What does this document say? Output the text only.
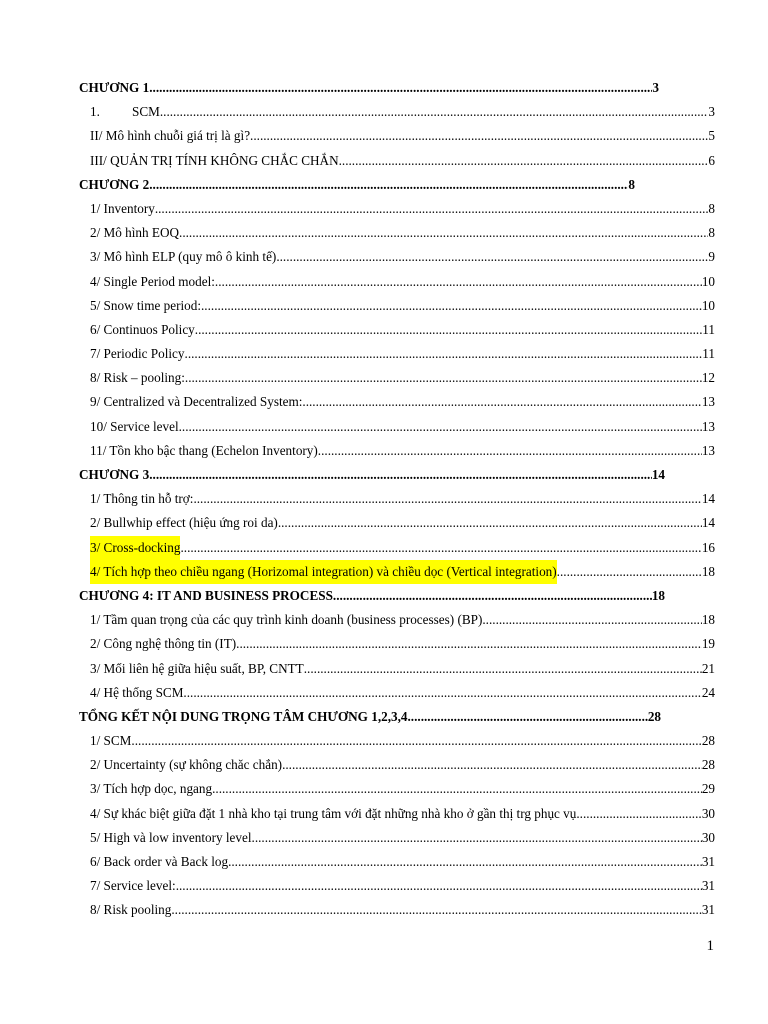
CHƯƠNG 1 .....	3
1. SCM .....	3
II/ Mô hình chuỗi giá trị là gì? .....	5
III/ QUẢN TRỊ TÍNH KHÔNG CHẮC CHẮN .....	6
CHƯƠNG 2 .....	8
1/ Inventory .....	8
2/ Mô hình EOQ .....	8
3/ Mô hình ELP (quy mô ô kinh tế) .....	9
4/ Single Period model: .....	10
5/ Snow time period: .....	10
6/ Continuos Policy .....	11
7/ Periodic Policy .....	11
8/ Risk – pooling: .....	12
9/ Centralized và Decentralized System: .....	13
10/ Service level .....	13
11/ Tồn kho bậc thang (Echelon Inventory) .....	13
CHƯƠNG 3 .....	14
1/ Thông tin hỗ trợ: .....	14
2/ Bullwhip effect (hiệu ứng roi da) .....	14
3/ Cross-docking .....	16
4/ Tích hợp theo chiều ngang (Horizomal integration) và chiều dọc (Vertical integration) .....	18
CHƯƠNG 4: IT AND BUSINESS PROCESS .....	18
1/ Tầm quan trọng của các quy trình kinh doanh (business processes) (BP) .....	18
2/ Công nghệ thông tin (IT) .....	19
3/ Mối liên hệ giữa hiệu suất, BP, CNTT .....	21
4/ Hệ thống SCM .....	24
TỔNG KẾT NỘI DUNG TRỌNG TÂM CHƯƠNG 1,2,3,4 .....	28
1/ SCM .....	28
2/ Uncertainty (sự không chăc chắn) .....	28
3/ Tích hợp dọc, ngang .....	29
4/ Sự khác biệt giữa đặt 1 nhà kho tại trung tâm với đặt những nhà kho ở gần thị trg phục vụ .....	30
5/ High và low inventory level .....	30
6/ Back order và Back log .....	31
7/ Service level: .....	31
8/ Risk pooling .....	31
1
